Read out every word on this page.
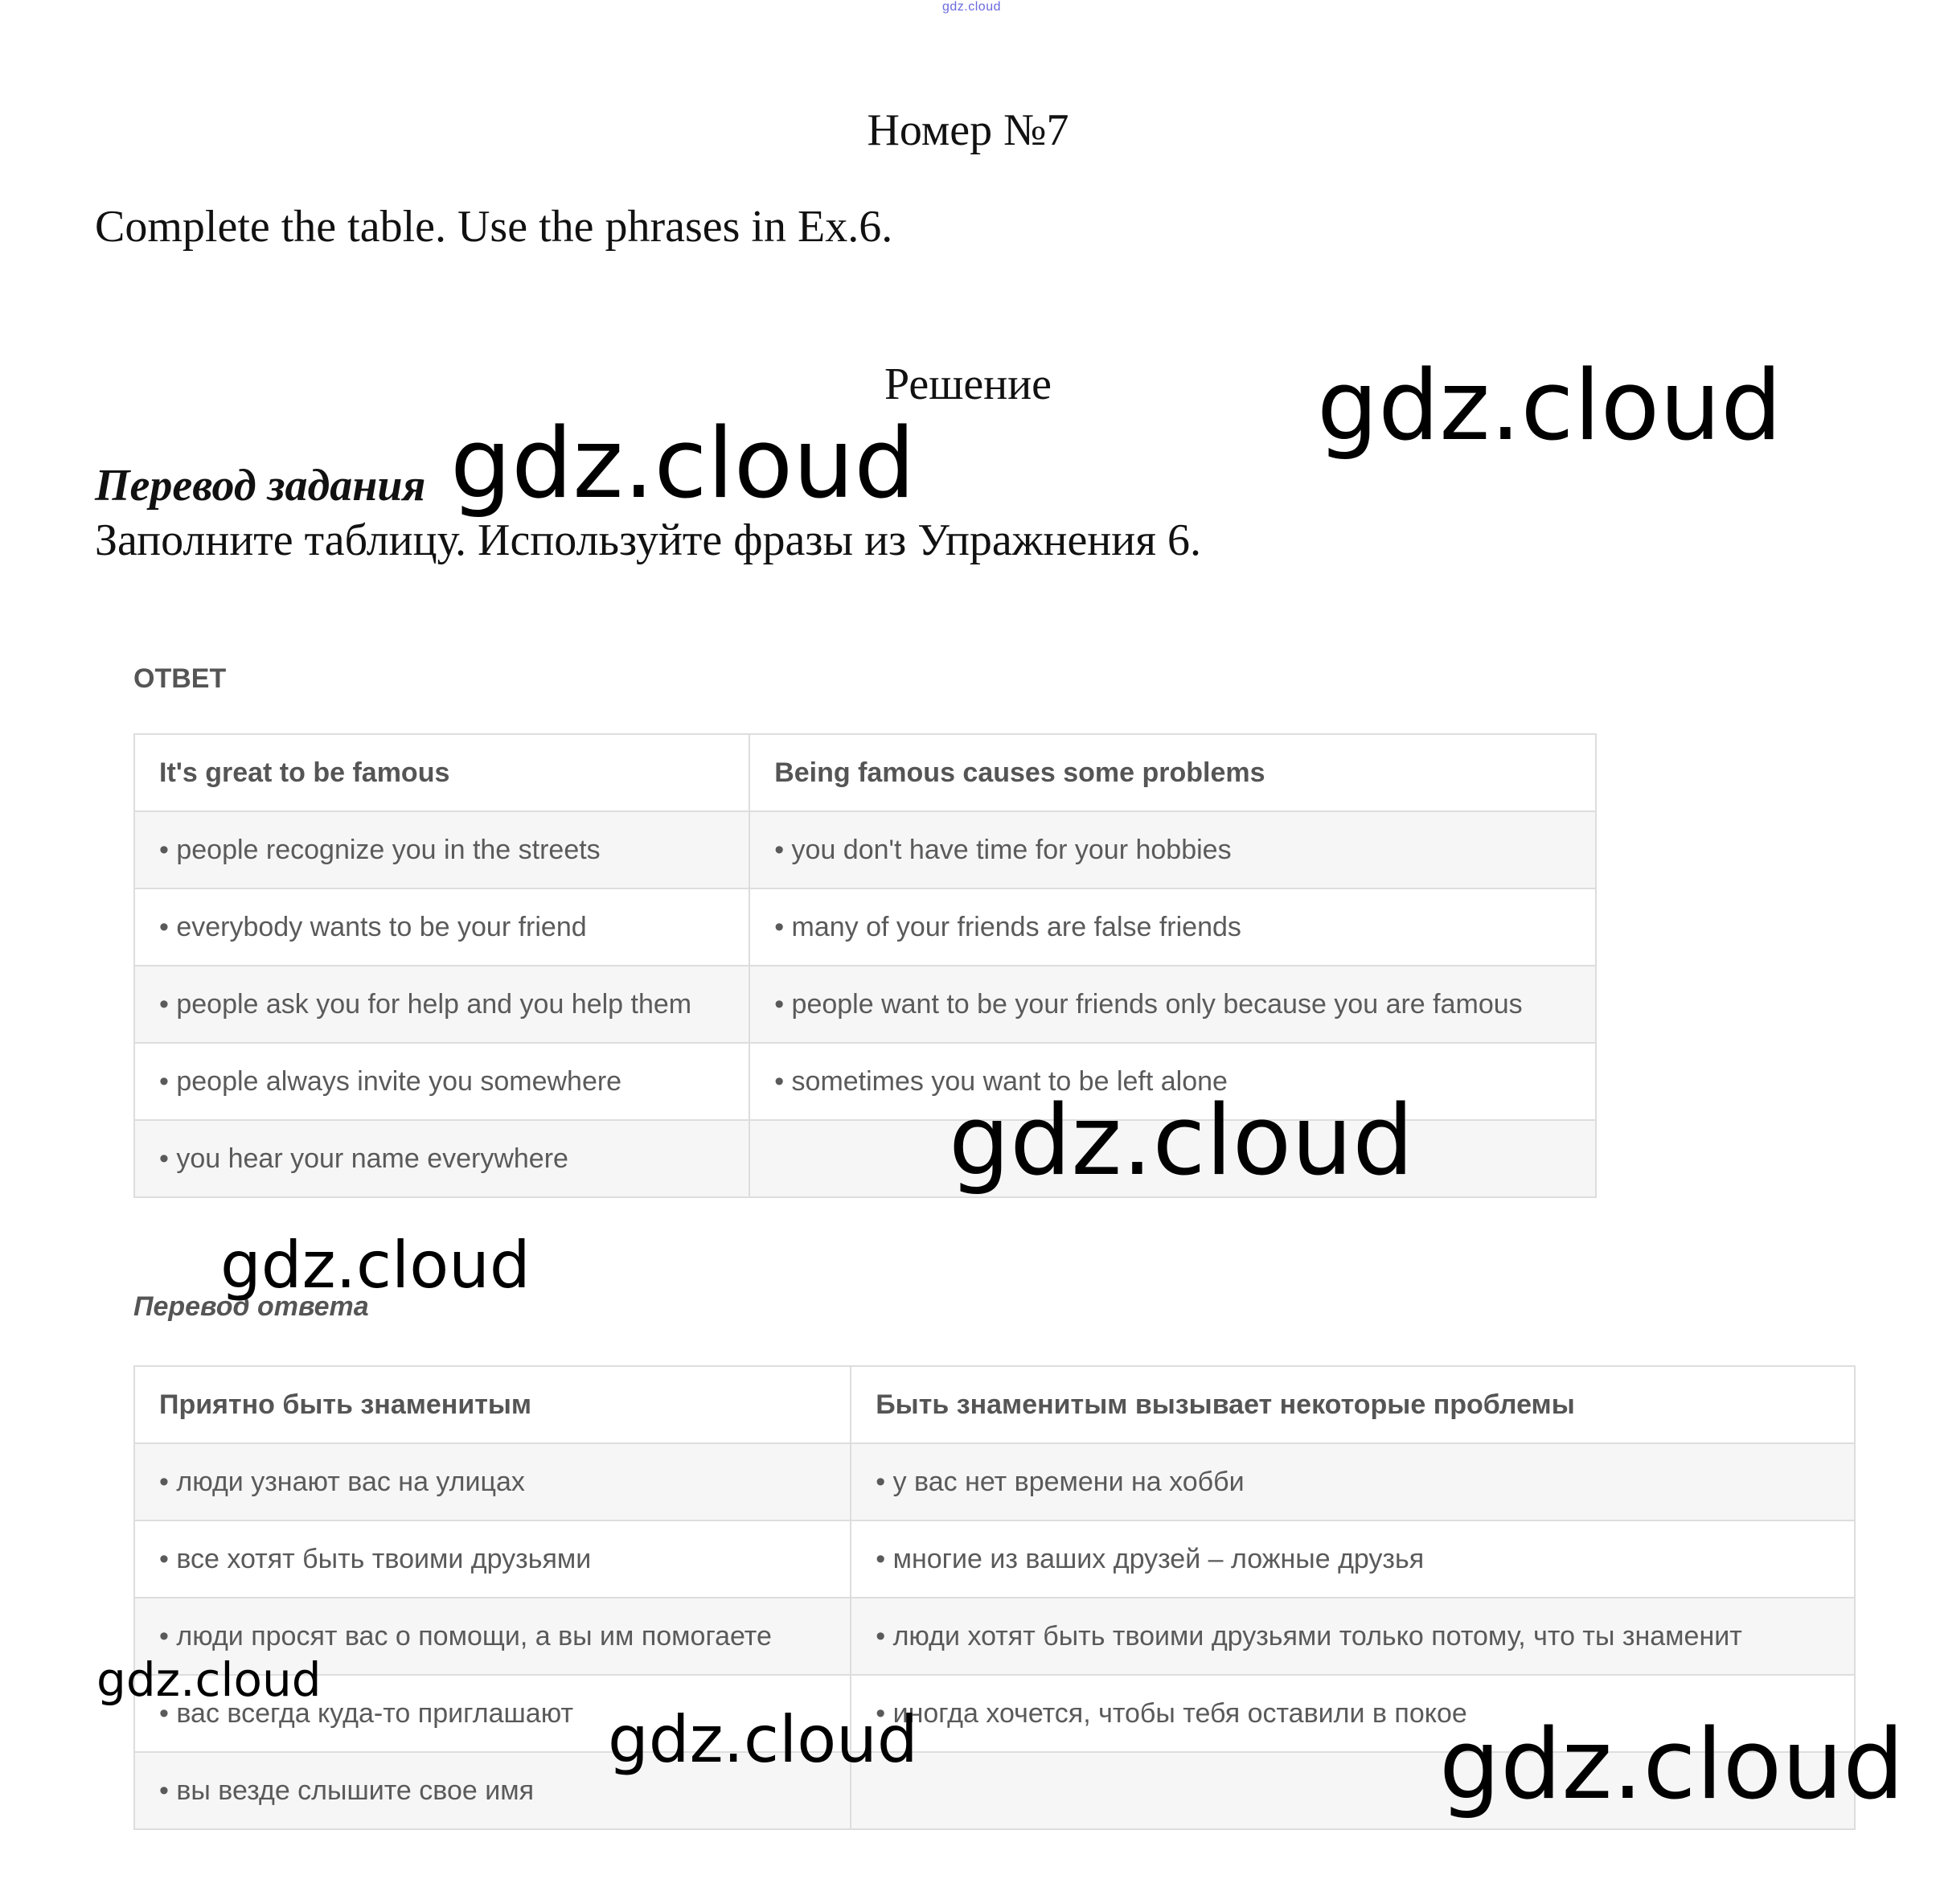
gdz.cloud
Номер №7
Complete the table. Use the phrases in Ex.6.
Решение
Перевод задания
Заполните таблицу. Используйте фразы из Упражнения 6.
ОТВЕТ
It's great to be famous	Being famous causes some problems
• people recognize you in the streets	• you don't have time for your hobbies
• everybody wants to be your friend	• many of your friends are false friends
• people ask you for help and you help them	• people want to be your friends only because you are famous
• people always invite you somewhere	• sometimes you want to be left alone
• you hear your name everywhere	
Перевод ответа
Приятно быть знаменитым	Быть знаменитым вызывает некоторые проблемы
• люди узнают вас на улицах	• у вас нет времени на хобби
• все хотят быть твоими друзьями	• многие из ваших друзей – ложные друзья
• люди просят вас о помощи, а вы им помогаете	• люди хотят быть твоими друзьями только потому, что ты знаменит
• вас всегда куда-то приглашают	• иногда хочется, чтобы тебя оставили в покое
• вы везде слышите свое имя	
gdz.cloud
gdz.cloud
gdz.cloud
gdz.cloud
gdz.cloud
gdz.cloud	gdz.cloud
